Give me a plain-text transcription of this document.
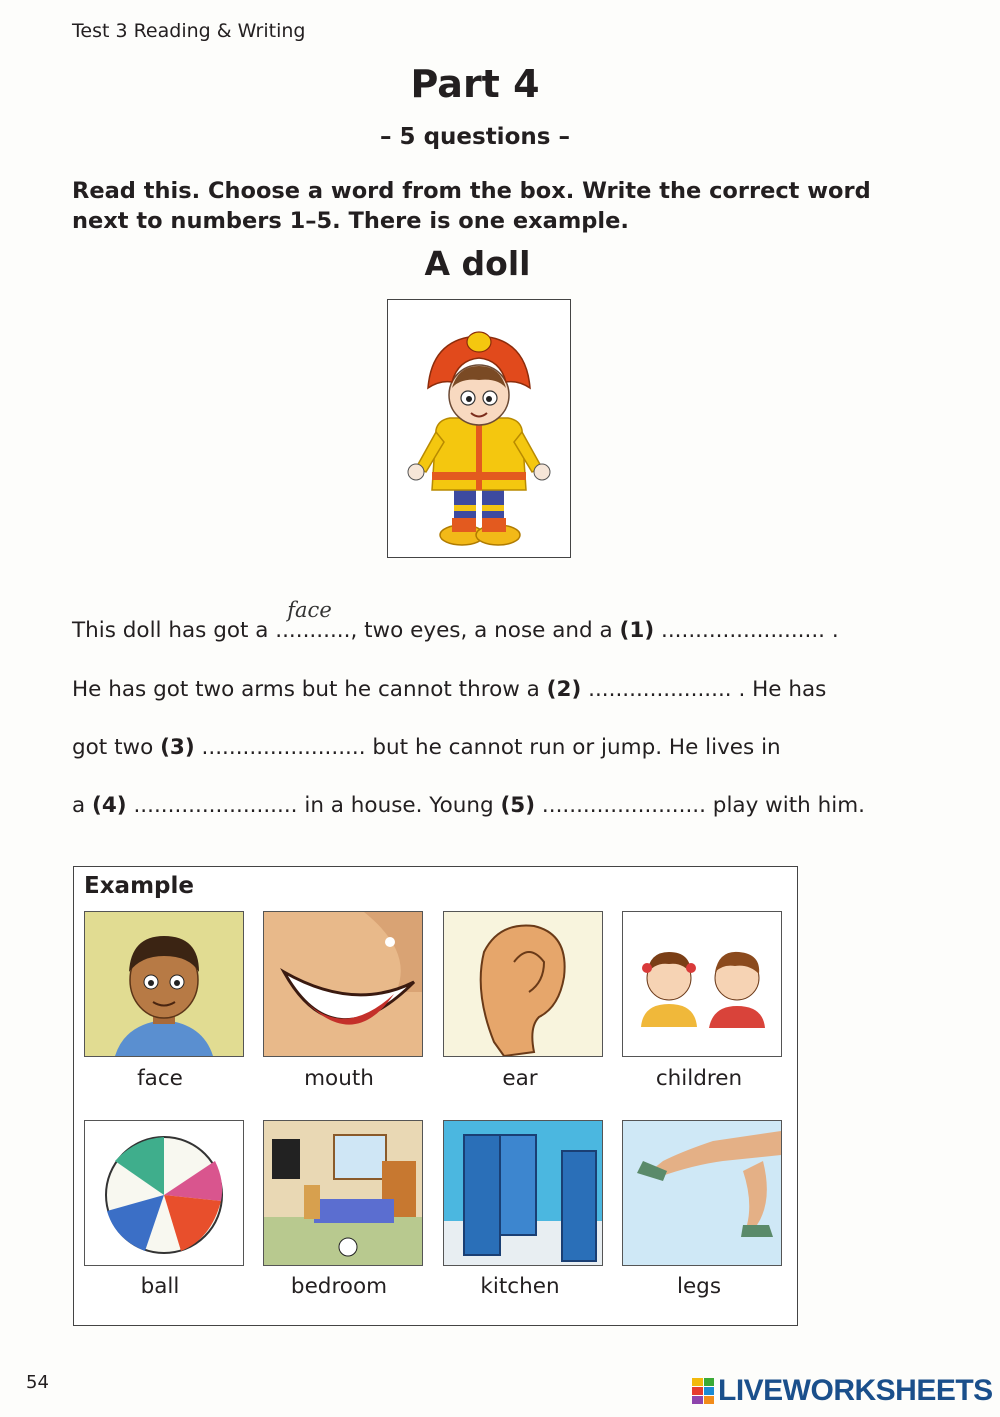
Test 3 Reading & Writing
Part 4
– 5 questions –
Read this. Choose a word from the box. Write the correct word next to numbers 1–5. There is one example.
A doll
This doll has got a ...........
face
, two eyes, a nose and a (1) ........................ .
He has got two arms but he cannot throw a (2) ..................... . He has
got two (3) ........................ but he cannot run or jump. He lives in
a (4) ........................ in a house. Young (5) ........................ play with him.
Example
face	mouth	ear	children
ball	bedroom	kitchen	legs
54	LIVEWORKSHEETS
